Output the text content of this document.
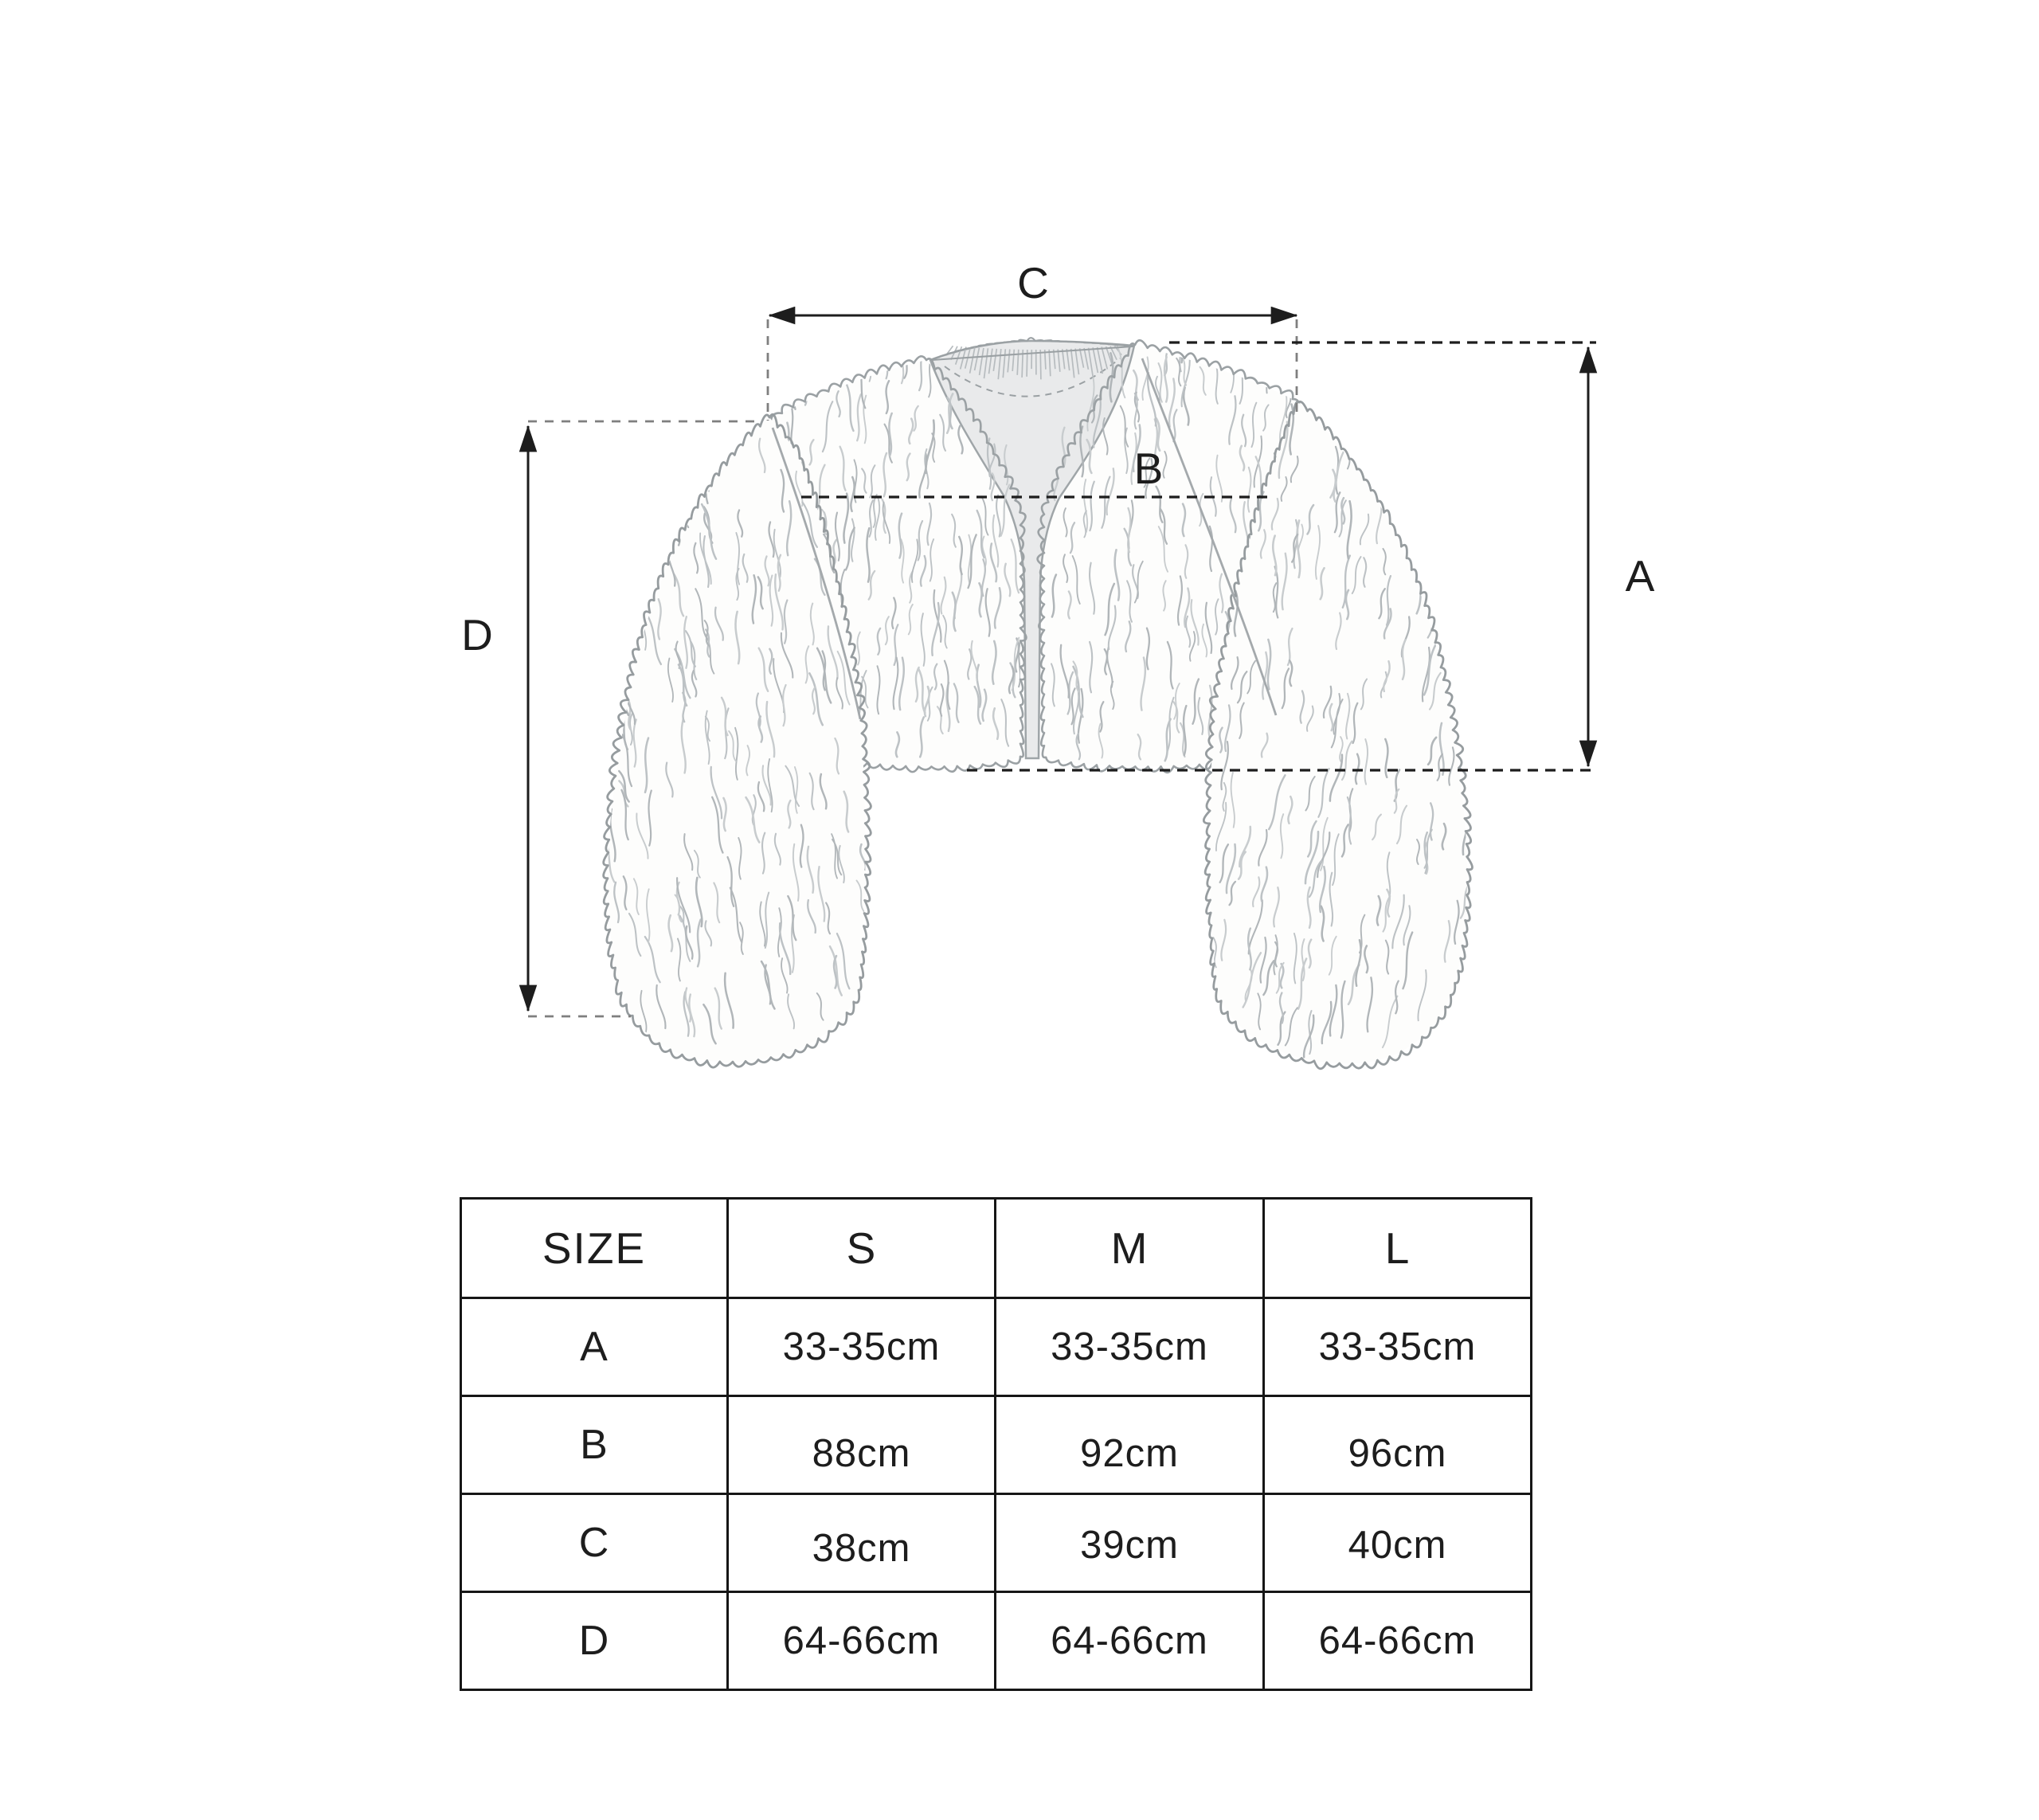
C
B
A
D
SIZE	S	M	L
A	33-35cm	33-35cm	33-35cm
B	88cm	92cm	96cm
C	38cm	39cm	40cm
D	64-66cm	64-66cm	64-66cm
